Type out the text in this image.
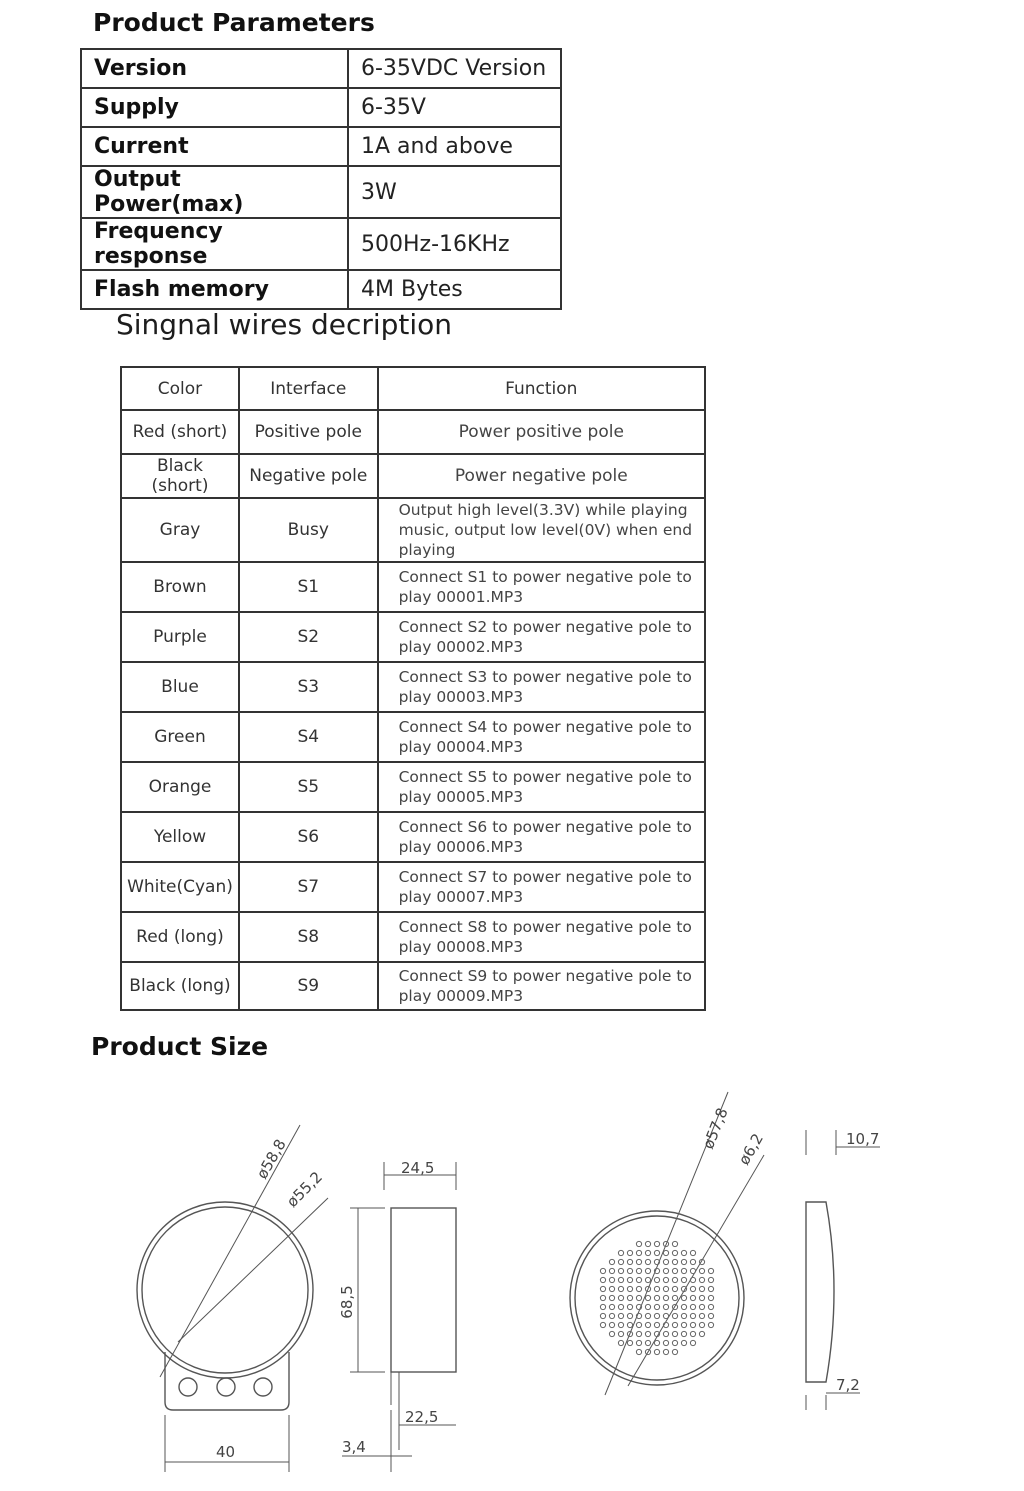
Product Parameters
Version	6-35VDC Version
Supply	6-35V
Current	1A and above
Output Power(max)	3W
Frequency response	500Hz-16KHz
Flash memory	4M Bytes
Singnal wires decription
Color	Interface	Function
Red (short)	Positive pole	Power positive pole
Black (short)	Negative pole	Power negative pole
Gray	Busy	Output high level(3.3V) while playing music, output low level(0V) when end playing
Brown	S1	Connect S1 to power negative pole to play 00001.MP3
Purple	S2	Connect S2 to power negative pole to play 00002.MP3
Blue	S3	Connect S3 to power negative pole to play 00003.MP3
Green	S4	Connect S4 to power negative pole to play 00004.MP3
Orange	S5	Connect S5 to power negative pole to play 00005.MP3
Yellow	S6	Connect S6 to power negative pole to play 00006.MP3
White(Cyan)	S7	Connect S7 to power negative pole to play 00007.MP3
Red (long)	S8	Connect S8 to power negative pole to play 00008.MP3
Black (long)	S9	Connect S9 to power negative pole to play 00009.MP3
Product Size
ø58,8
ø55,2	24,5
68,5
40
22,5
3,4
ø57,8 ø6,2	10,7
7,2
